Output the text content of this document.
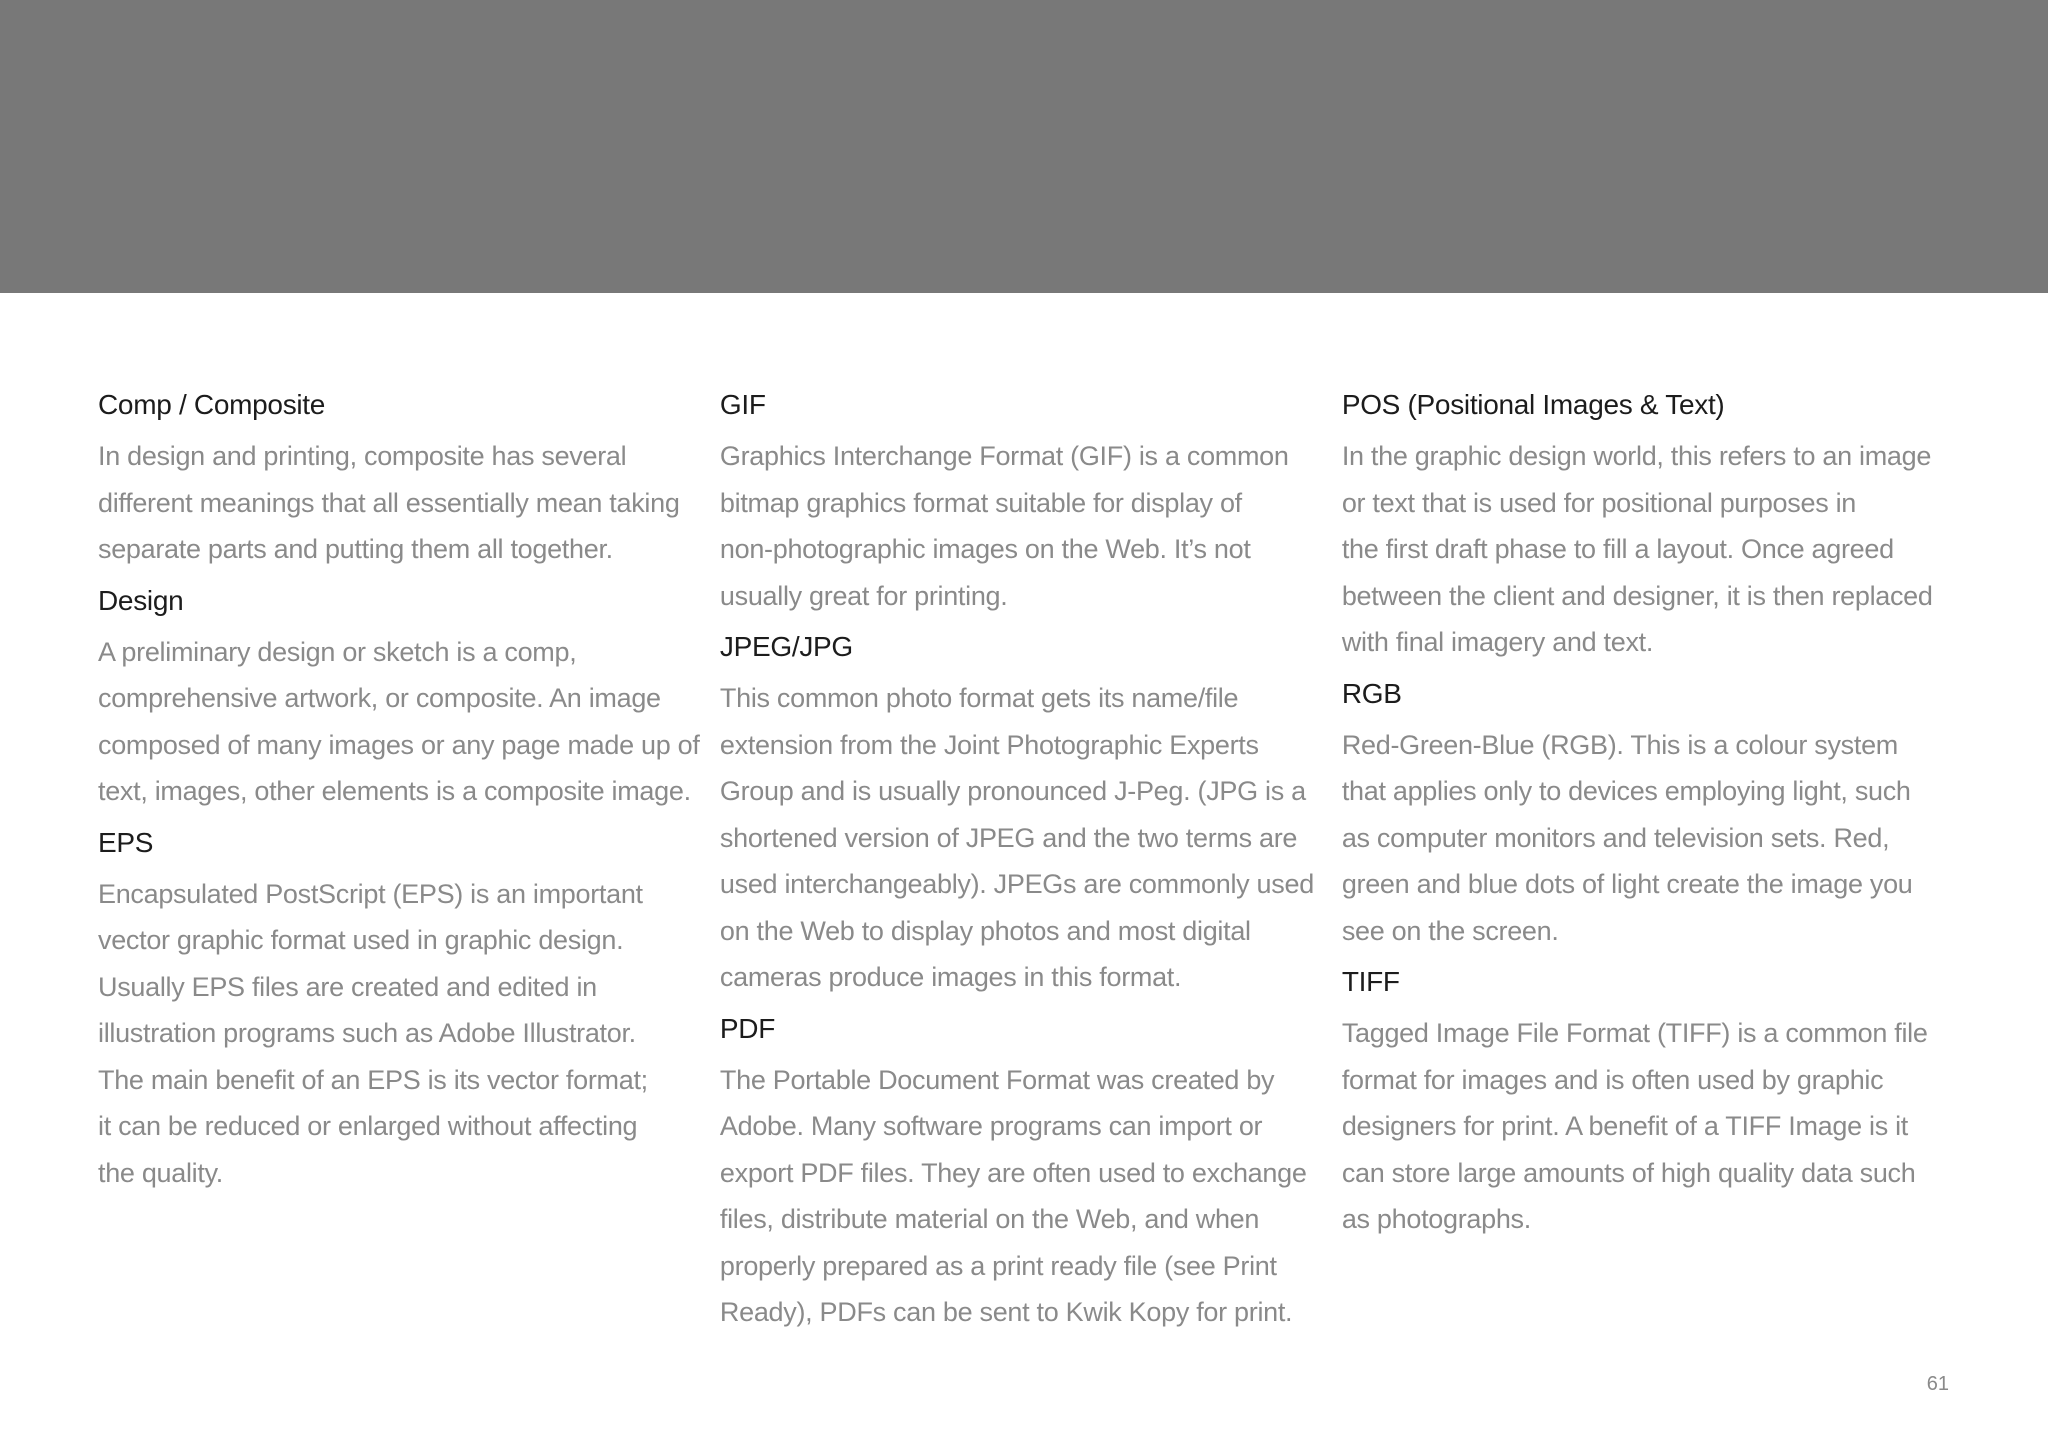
Comp / Composite
In design and printing, composite has several
different meanings that all essentially mean taking
separate parts and putting them all together.
Design
A preliminary design or sketch is a comp,
comprehensive artwork, or composite. An image
composed of many images or any page made up of
text, images, other elements is a composite image.
EPS
Encapsulated PostScript (EPS) is an important
vector graphic format used in graphic design.
Usually EPS files are created and edited in
illustration programs such as Adobe Illustrator.
The main benefit of an EPS is its vector format;
it can be reduced or enlarged without affecting
the quality.
GIF
Graphics Interchange Format (GIF) is a common
bitmap graphics format suitable for display of
non-photographic images on the Web. It’s not
usually great for printing.
JPEG/JPG
This common photo format gets its name/file
extension from the Joint Photographic Experts
Group and is usually pronounced J-Peg. (JPG is a
shortened version of JPEG and the two terms are
used interchangeably). JPEGs are commonly used
on the Web to display photos and most digital
cameras produce images in this format.
PDF
The Portable Document Format was created by
Adobe. Many software programs can import or
export PDF files. They are often used to exchange
files, distribute material on the Web, and when
properly prepared as a print ready file (see Print
Ready), PDFs can be sent to Kwik Kopy for print.
POS (Positional Images & Text)
In the graphic design world, this refers to an image
or text that is used for positional purposes in
the first draft phase to fill a layout. Once agreed
between the client and designer, it is then replaced
with final imagery and text.
RGB
Red-Green-Blue (RGB). This is a colour system
that applies only to devices employing light, such
as computer monitors and television sets. Red,
green and blue dots of light create the image you
see on the screen.
TIFF
Tagged Image File Format (TIFF) is a common file
format for images and is often used by graphic
designers for print. A benefit of a TIFF Image is it
can store large amounts of high quality data such
as photographs.
61
